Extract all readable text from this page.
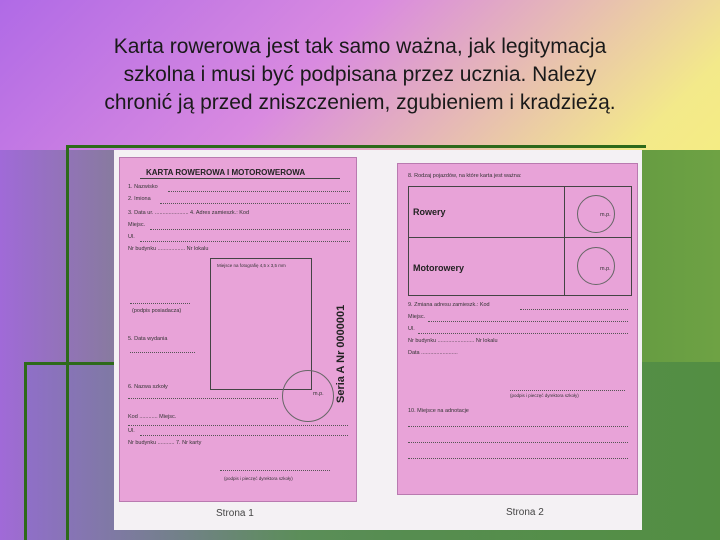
Karta rowerowa jest tak samo ważna, jak legitymacja
szkolna i musi być podpisana przez ucznia. Należy
chronić ją przed zniszczeniem, zgubieniem i kradzieżą.
KARTA ROWEROWA I MOTOROWEROWA
1. Nazwisko
2. Imiona
3. Data ur. ...................... 4. Adres zamieszk.: Kod
Miejsc.
Ul.
Nr budynku .................. Nr lokalu
Miejsce na fotografię 4,5 x 3,5 mm
Seria A Nr 0000001
(podpis posiadacza)
5. Data wydania
6. Nazwa szkoły
m.p.
Kod ............ Miejsc.
Ul.
Nr budynku ........... 7. Nr karty
(podpis i pieczęć dyrektora szkoły)
Strona 1
8. Rodzaj pojazdów, na które karta jest ważna:
Rowery
Motorowery
m.p.
m.p.
9. Zmiana adresu zamieszk.: Kod
Miejsc.
Ul.
Nr budynku ........................ Nr lokalu
Data ........................
(podpis i pieczęć dyrektora szkoły)
10. Miejsce na adnotacje
Strona 2
